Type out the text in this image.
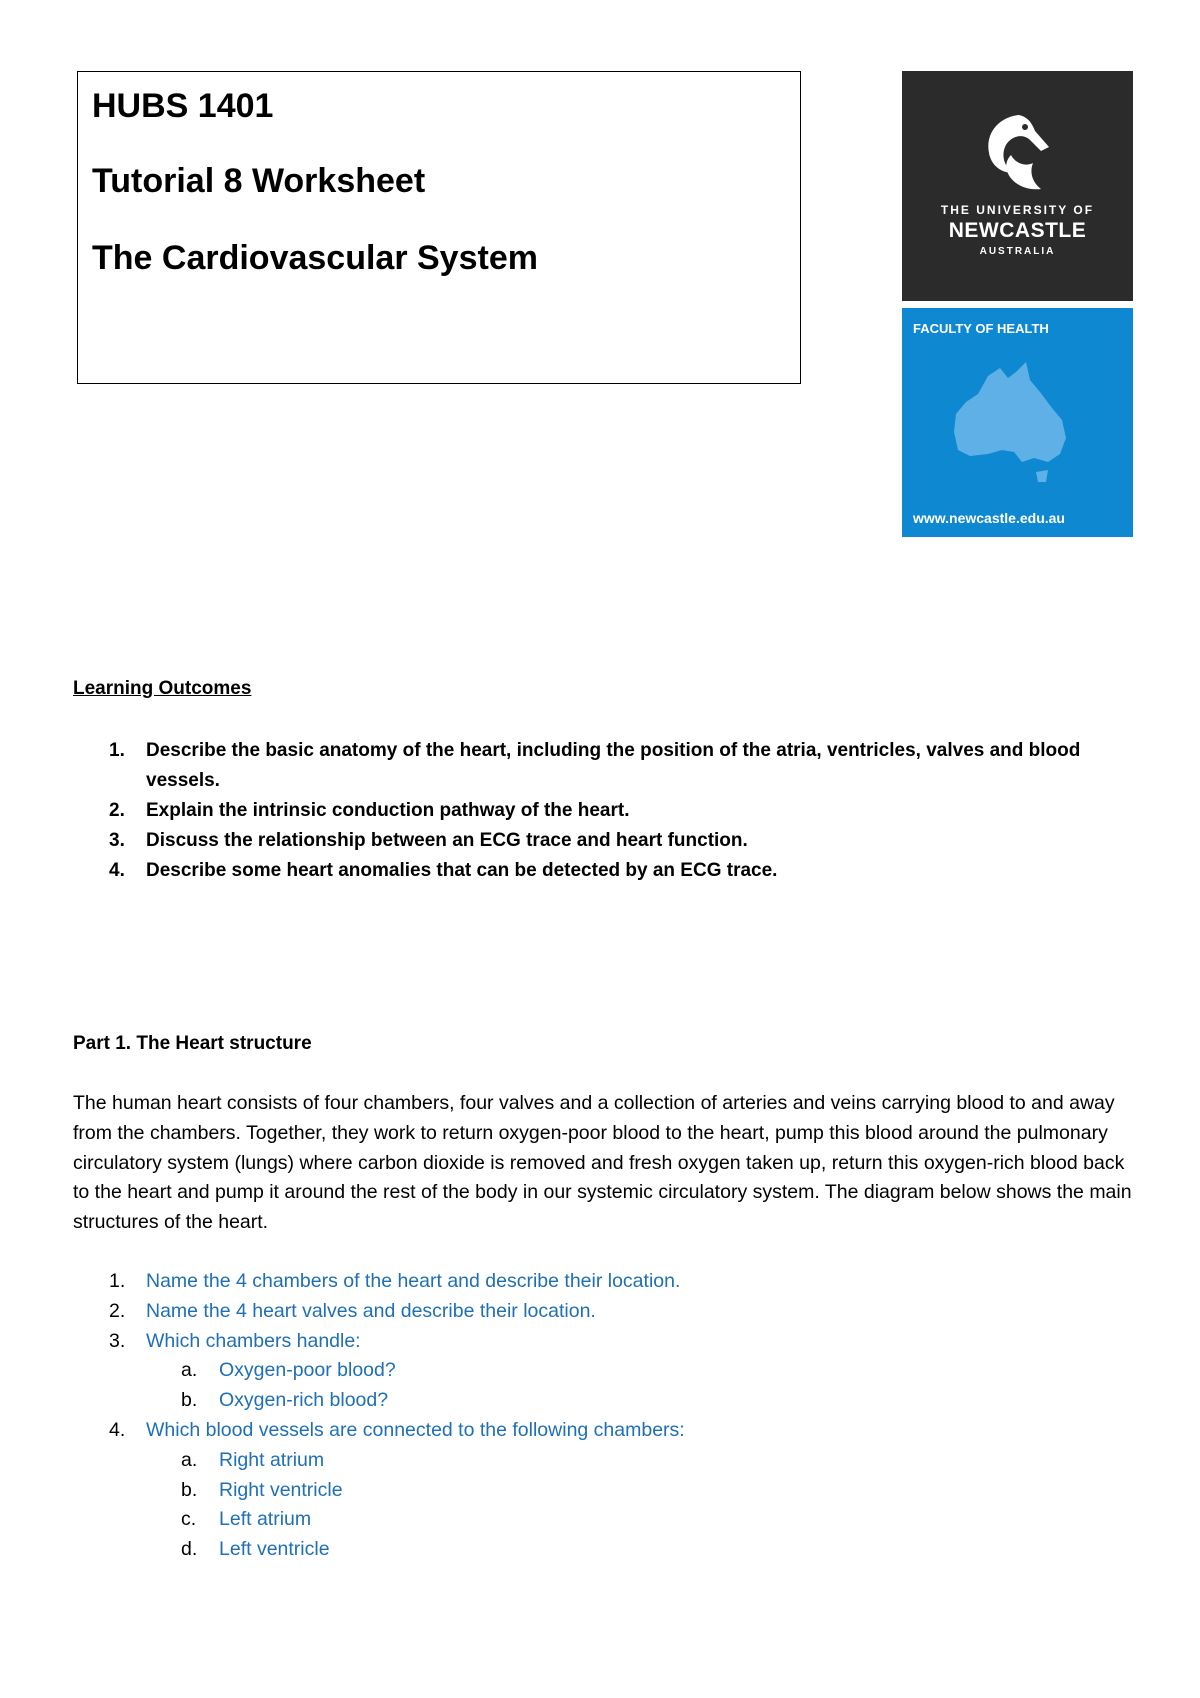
HUBS 1401

Tutorial 8 Worksheet

The Cardiovascular System

THE UNIVERSITY OF
NEWCASTLE
AUSTRALIA
FACULTY OF HEALTH
www.newcastle.edu.au
Learning Outcomes
1. Describe the basic anatomy of the heart, including the position of the atria, ventricles, valves and blood vessels.
2. Explain the intrinsic conduction pathway of the heart.
3. Discuss the relationship between an ECG trace and heart function.
4. Describe some heart anomalies that can be detected by an ECG trace.
Part 1. The Heart structure

The human heart consists of four chambers, four valves and a collection of arteries and veins carrying blood to and away from the chambers. Together, they work to return oxygen-poor blood to the heart, pump this blood around the pulmonary circulatory system (lungs) where carbon dioxide is removed and fresh oxygen taken up, return this oxygen-rich blood back to the heart and pump it around the rest of the body in our systemic circulatory system. The diagram below shows the main structures of the heart.

1. Name the 4 chambers of the heart and describe their location.
2. Name the 4 heart valves and describe their location.
3. Which chambers handle:
a. Oxygen-poor blood?
b. Oxygen-rich blood?
4. Which blood vessels are connected to the following chambers:
a. Right atrium
b. Right ventricle
c. Left atrium
d. Left ventricle
